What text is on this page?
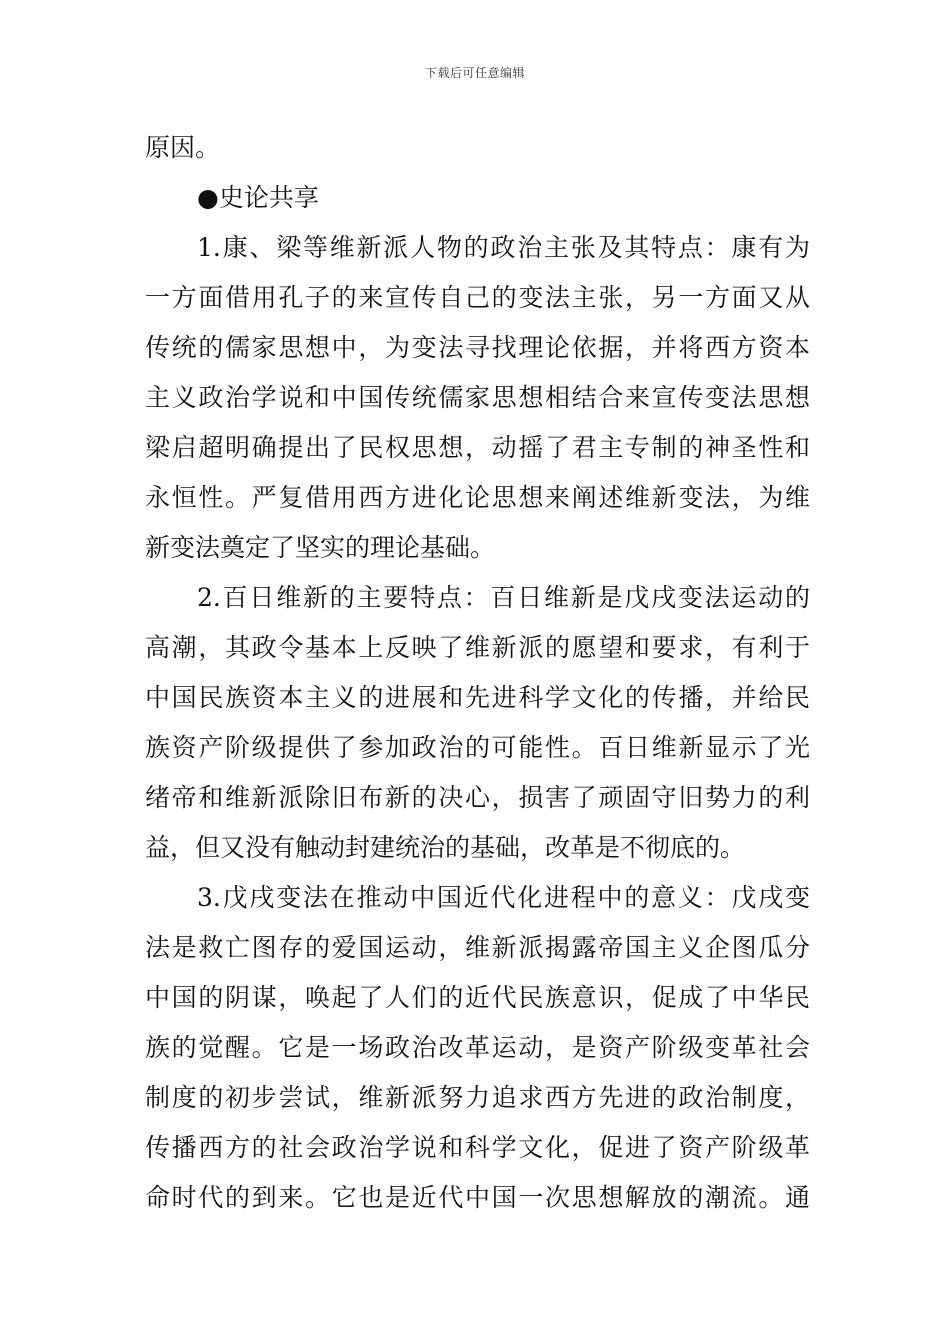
下载后可任意编辑
原因。
●史论共享
1.康、梁等维新派人物的政治主张及其特点：康有为
一方面借用孔子的来宣传自己的变法主张，另一方面又从
传统的儒家思想中，为变法寻找理论依据，并将西方资本
主义政治学说和中国传统儒家思想相结合来宣传变法思想
梁启超明确提出了民权思想，动摇了君主专制的神圣性和
永恒性。严复借用西方进化论思想来阐述维新变法，为维
新变法奠定了坚实的理论基础。
2.百日维新的主要特点：百日维新是戊戌变法运动的
高潮，其政令基本上反映了维新派的愿望和要求，有利于
中国民族资本主义的进展和先进科学文化的传播，并给民
族资产阶级提供了参加政治的可能性。百日维新显示了光
绪帝和维新派除旧布新的决心，损害了顽固守旧势力的利
益，但又没有触动封建统治的基础，改革是不彻底的。
3.戊戌变法在推动中国近代化进程中的意义：戊戌变
法是救亡图存的爱国运动，维新派揭露帝国主义企图瓜分
中国的阴谋，唤起了人们的近代民族意识，促成了中华民
族的觉醒。它是一场政治改革运动，是资产阶级变革社会
制度的初步尝试，维新派努力追求西方先进的政治制度，
传播西方的社会政治学说和科学文化，促进了资产阶级革
命时代的到来。它也是近代中国一次思想解放的潮流。通
